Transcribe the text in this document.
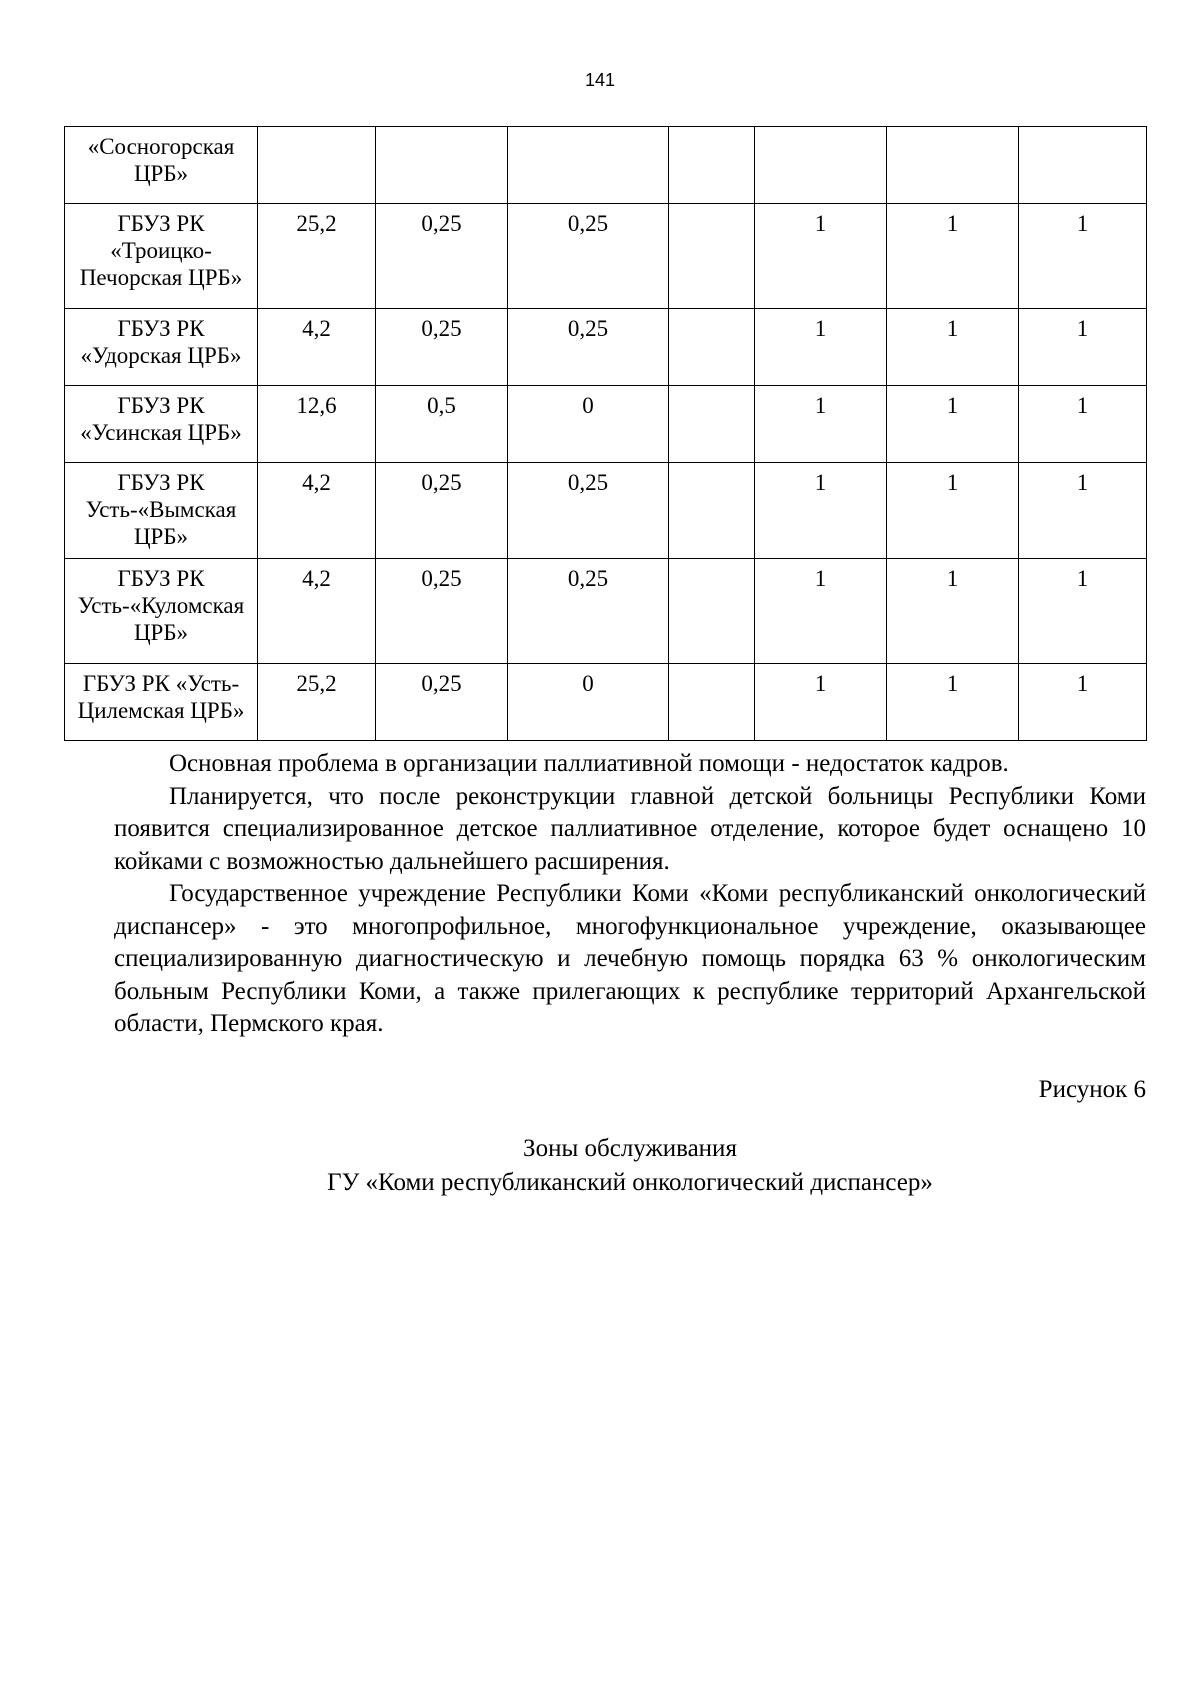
141
«Сосногорская ЦРБ»							
ГБУЗ РК «Троицко-Печорская ЦРБ»	25,2	0,25	0,25		1	1	1
ГБУЗ РК «Удорская ЦРБ»	4,2	0,25	0,25		1	1	1
ГБУЗ РК «Усинская ЦРБ»	12,6	0,5	0		1	1	1
ГБУЗ РК Усть-«Вымская ЦРБ»	4,2	0,25	0,25		1	1	1
ГБУЗ РК Усть-«Куломская ЦРБ»	4,2	0,25	0,25		1	1	1
ГБУЗ РК «Усть-Цилемская ЦРБ»	25,2	0,25	0		1	1	1

Основная проблема в организации паллиативной помощи - недостаток кадров.

Планируется, что после реконструкции главной детской больницы Республики Коми появится специализированное детское паллиативное отделение, которое будет оснащено 10 койками с возможностью дальнейшего расширения.

Государственное учреждение Республики Коми «Коми республиканский онкологический диспансер» - это многопрофильное, многофункциональное учреждение, оказывающее специализированную диагностическую и лечебную помощь порядка 63 % онкологическим больным Республики Коми, а также прилегающих к республике территорий Архангельской области, Пермского края.

Рисунок 6
Зоны обслуживания
ГУ «Коми республиканский онкологический диспансер»
